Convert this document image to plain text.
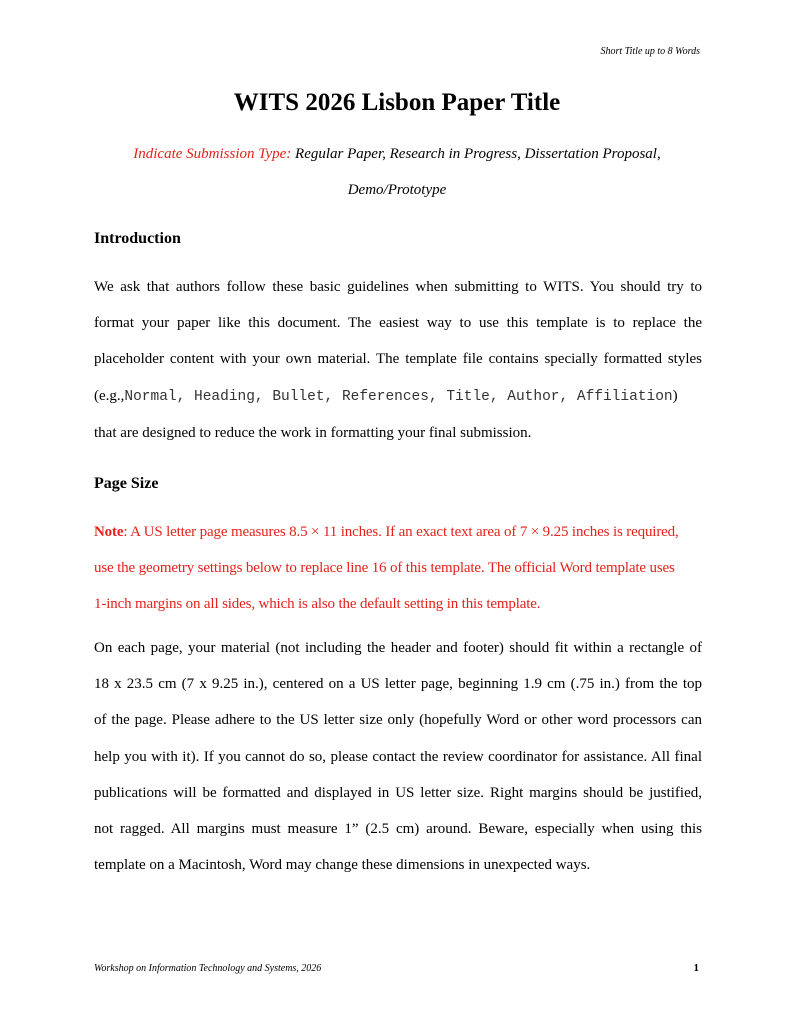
Short Title up to 8 Words
WITS 2026 Lisbon Paper Title
Indicate Submission Type: Regular Paper, Research in Progress, Dissertation Proposal,
Demo/Prototype
Introduction
We ask that authors follow these basic guidelines when submitting to WITS. You should try to
format your paper like this document. The easiest way to use this template is to replace the
placeholder content with your own material. The template file contains specially formatted styles
(e.g.,Normal, Heading, Bullet, References, Title, Author, Affiliation)
that are designed to reduce the work in formatting your final submission.
Page Size
Note: A US letter page measures 8.5 × 11 inches. If an exact text area of 7 × 9.25 inches is required,
use the geometry settings below to replace line 16 of this template. The official Word template uses
1-inch margins on all sides, which is also the default setting in this template.
On each page, your material (not including the header and footer) should fit within a rectangle of
18 x 23.5 cm (7 x 9.25 in.), centered on a US letter page, beginning 1.9 cm (.75 in.) from the top
of the page. Please adhere to the US letter size only (hopefully Word or other word processors can
help you with it). If you cannot do so, please contact the review coordinator for assistance. All final
publications will be formatted and displayed in US letter size. Right margins should be justified,
not ragged. All margins must measure 1” (2.5 cm) around. Beware, especially when using this
template on a Macintosh, Word may change these dimensions in unexpected ways.
Workshop on Information Technology and Systems, 2026	1
